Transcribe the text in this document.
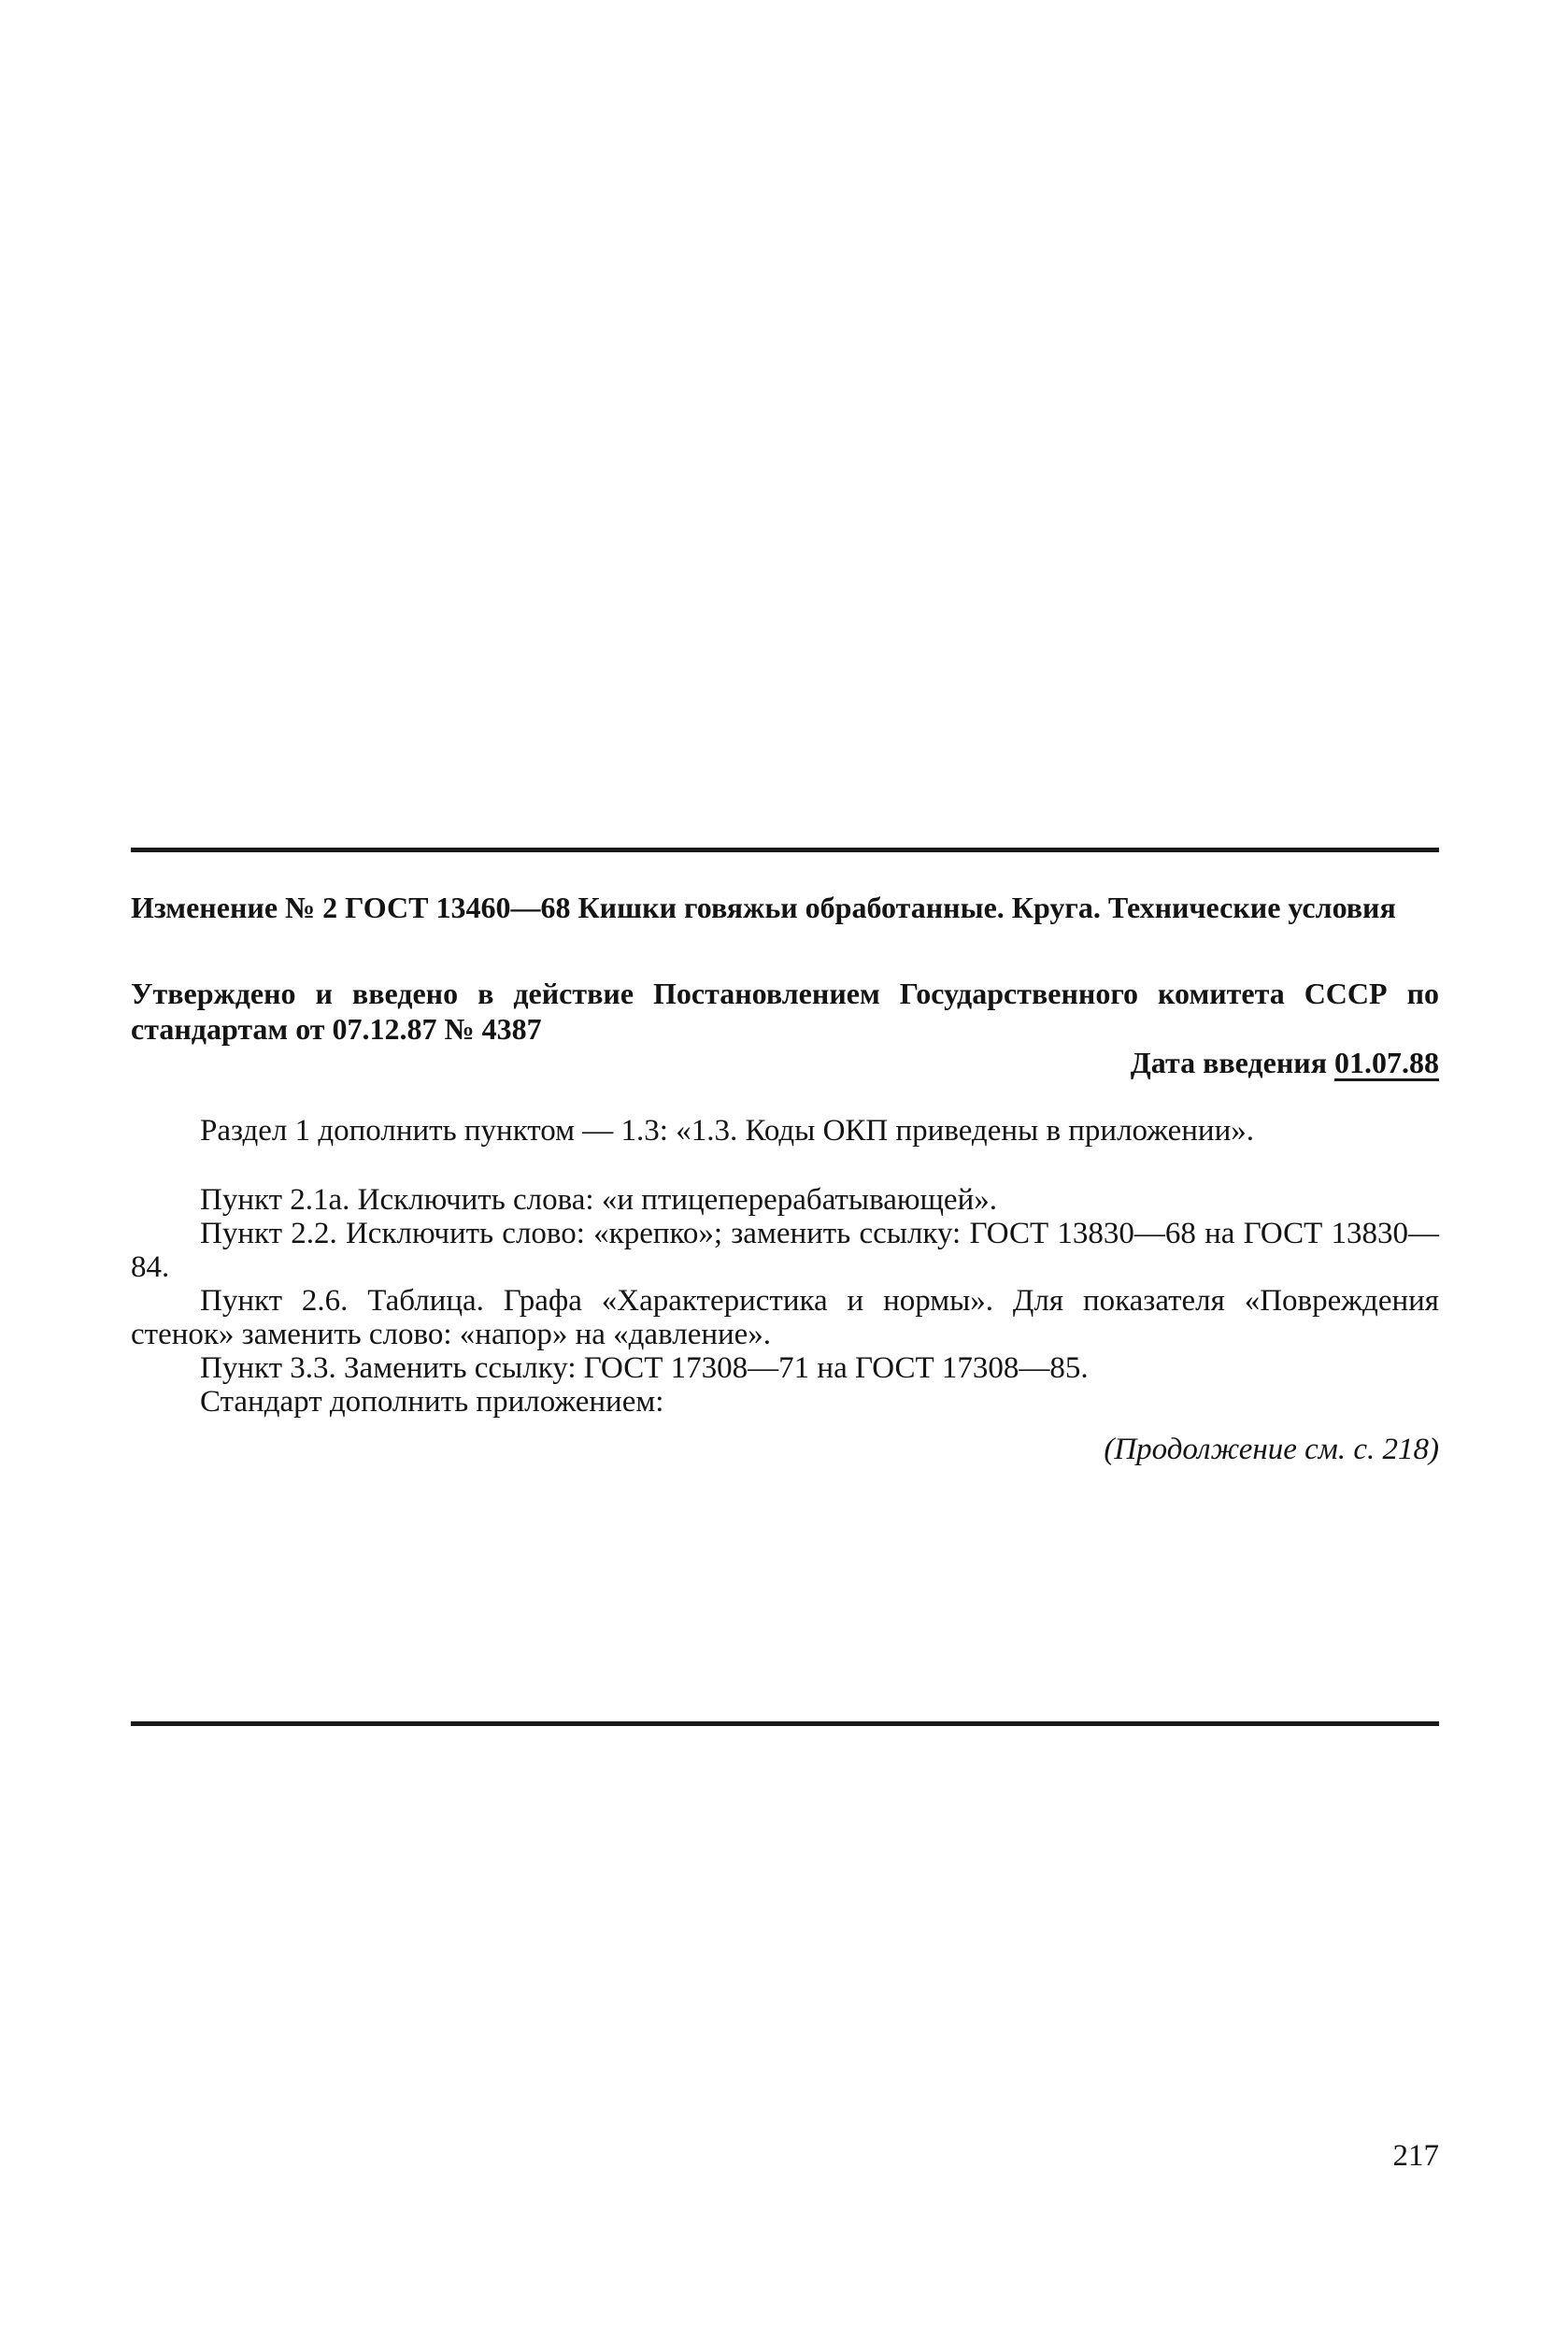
Изменение № 2 ГОСТ 13460—68 Кишки говяжьи обработанные. Круга. Технические условия

Утверждено и введено в действие Постановлением Государственного комитета СССР по стандартам от 07.12.87 № 4387

Дата введения 01.07.88

Раздел 1 дополнить пунктом — 1.3: «1.3. Коды ОКП приведены в приложении».

Пункт 2.1а. Исключить слова: «и птицеперерабатывающей».

Пункт 2.2. Исключить слово: «крепко»; заменить ссылку: ГОСТ 13830—68 на ГОСТ 13830—84.

Пункт 2.6. Таблица. Графа «Характеристика и нормы». Для показателя «Повреждения стенок» заменить слово: «напор» на «давление».

Пункт 3.3. Заменить ссылку: ГОСТ 17308—71 на ГОСТ 17308—85.

Стандарт дополнить приложением:

(Продолжение см. с. 218)
217
